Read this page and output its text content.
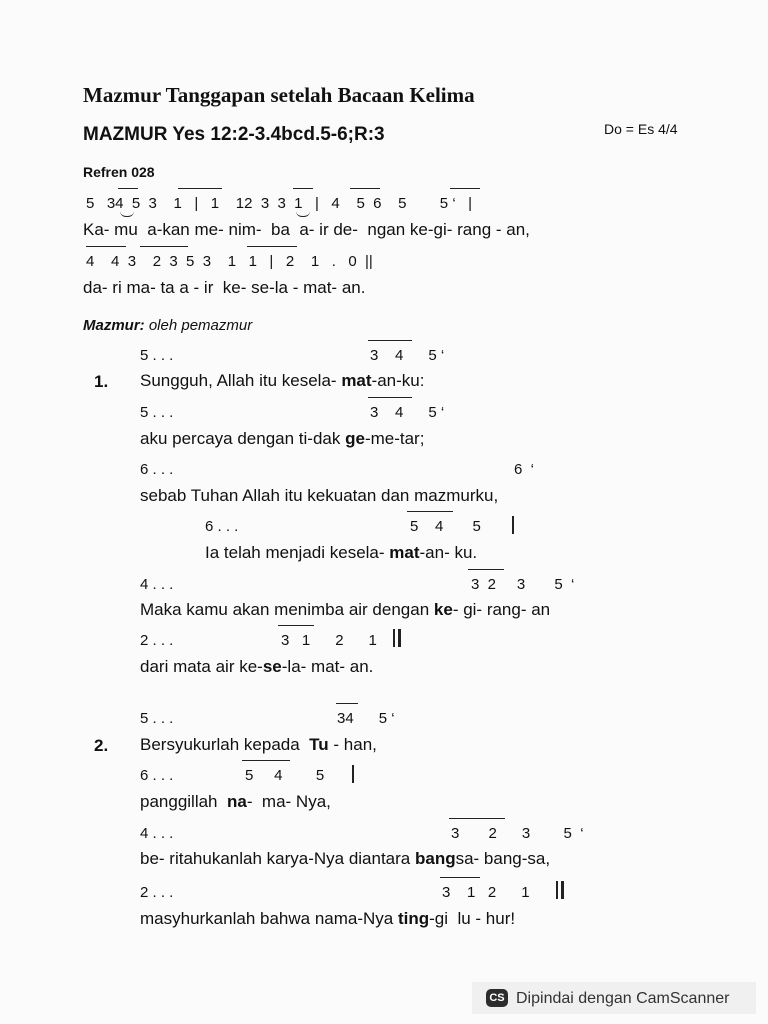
Mazmur Tanggapan setelah Bacaan Kelima
MAZMUR Yes 12:2-3.4bcd.5-6;R:3	Do = Es 4/4
Refren 028
5   34  5  3    1   |   1    12  3  3  1   |   4    5  6    5        5 ‘   |
Ka- mu  a-kan me- nim-  ba  a- ir de-  ngan ke-gi- rang - an,
4    4  3    2  3  5  3    1   1   |   2    1   .   0  ||
da- ri ma- ta a - ir  ke- se-la - mat- an.
Mazmur: oleh pemazmur
1.
5 . . .	3    4      5 ‘
Sungguh, Allah itu kesela- mat-an-ku:
5 . . .	3    4      5 ‘
aku percaya dengan ti-dak ge-me-tar;
6 . . .	6  ‘
sebab Tuhan Allah itu kekuatan dan mazmurku,
6 . . .	5    4       5
Ia telah menjadi kesela- mat-an- ku.
4 . . .	3  2     3       5  ‘
Maka kamu akan menimba air dengan ke- gi- rang- an
2 . . .	3   1      2      1
dari mata air ke-se-la- mat- an.
2.
5 . . .	34      5 ‘
Bersyukurlah kepada  Tu - han,
6 . . .	5     4        5
panggillah  na-  ma- Nya,
4 . . .	3       2      3        5  ‘
be- ritahukanlah karya-Nya diantara bangsa- bang-sa,
2 . . .	3    1   2      1
masyhurkanlah bahwa nama-Nya ting-gi  lu - hur!
CS Dipindai dengan CamScanner
